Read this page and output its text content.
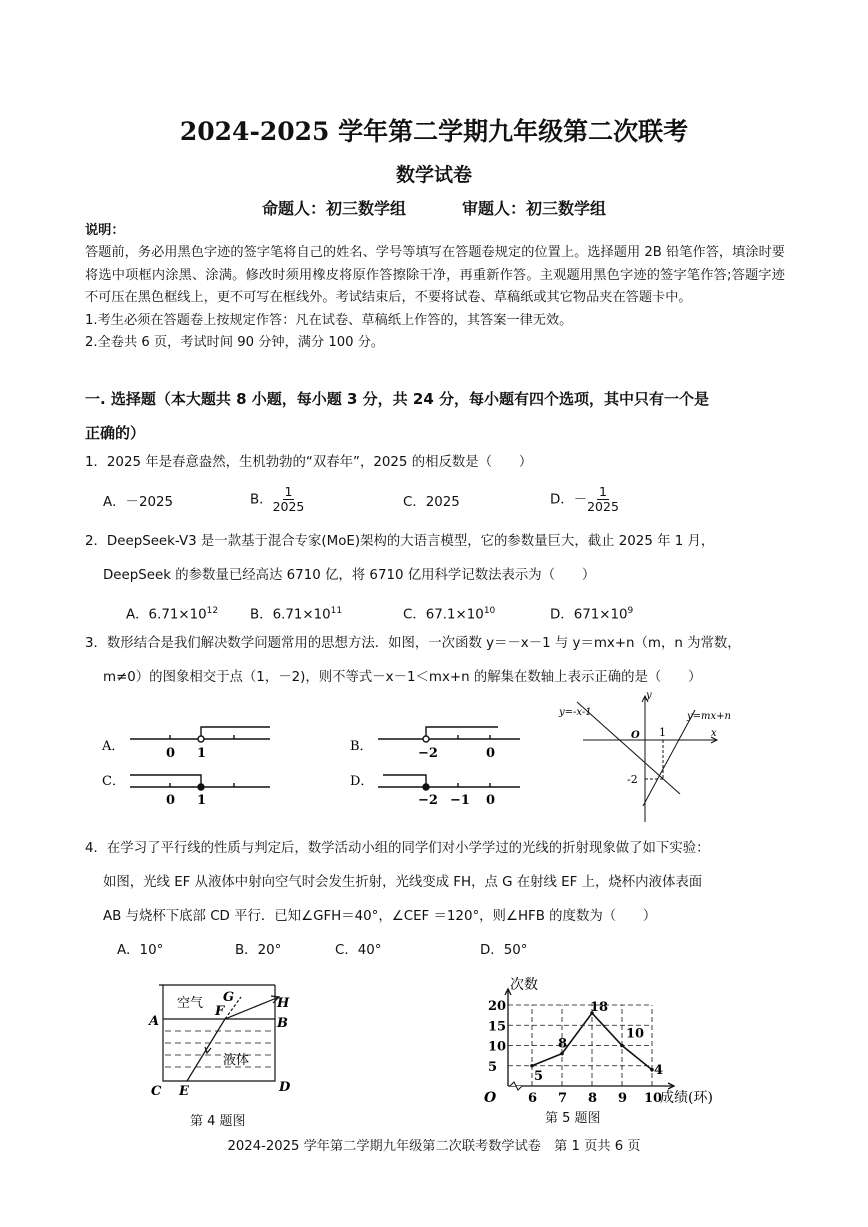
2024-2025 学年第二学期九年级第二次联考
数学试卷
命题人：初三数学组	审题人：初三数学组
说明：
答题前，务必用黑色字迹的签字笔将自己的姓名、学号等填写在答题卷规定的位置上。选择题用 2B 铅笔作答，填涂时要将选中项框内涂黑、涂满。修改时须用橡皮将原作答擦除干净，再重新作答。主观题用黑色字迹的签字笔作答;答题字迹不可压在黑色框线上，更不可写在框线外。考试结束后，不要将试卷、草稿纸或其它物品夹在答题卡中。
1.考生必须在答题卷上按规定作答：凡在试卷、草稿纸上作答的，其答案一律无效。
2.全卷共 6 页，考试时间 90 分钟，满分 100 分。
一. 选择题（本大题共 8 小题，每小题 3 分，共 24 分，每小题有四个选项，其中只有一个是
正确的）
1．2025 年是春意盎然，生机勃勃的“双春年”，2025 的相反数是（　　）
A．－2025	B． $\frac{1}{2025}$	C．2025	D．－ $\frac{1}{2025}$
2．DeepSeek-V3 是一款基于混合专家(MoE)架构的大语言模型，它的参数量巨大，截止 2025 年 1 月，
DeepSeek 的参数量已经高达 6710 亿，将 6710 亿用科学记数法表示为（　　）
A．$6.71\times 10^{12}$ B．$6.71\times 10^{11}$	C．$67.1\times 10^{10}$	D．$671\times 10^9$
3．数形结合是我们解决数学问题常用的思想方法．如图，一次函数 y＝－x－1 与 y＝mx+n（m，n 为常数，
m≠0）的图象相交于点（1，－2)，则不等式－x－1＜mx+n 的解集在数轴上表示正确的是（　　）
A．
C．
B．
D．
0 1
0 1
−2	0
−2 −1 0
y=-x-1	y=mx+n
y
x
O 1
-2
4．在学习了平行线的性质与判定后，数学活动小组的同学们对小学学过的光线的折射现象做了如下实验：
如图，光线 EF 从液体中射向空气时会发生折射，光线变成 FH，点 G 在射线 EF 上，烧杯内液体表面
AB 与烧杯下底部 CD 平行．已知∠GFH＝40°，∠CEF ＝120°，则∠HFB 的度数为（　　）
A．10°	B．20°	C．40°	D．50°
A	B
C	D
E
F
G	H
空气
液体
第 4 题图
5
10
15
20
6 7 8 9 10
次数
成绩(环)
O
5
8
18
10
4
第 5 题图
2024-2025 学年第二学期九年级第二次联考数学试卷　第 1 页共 6 页
